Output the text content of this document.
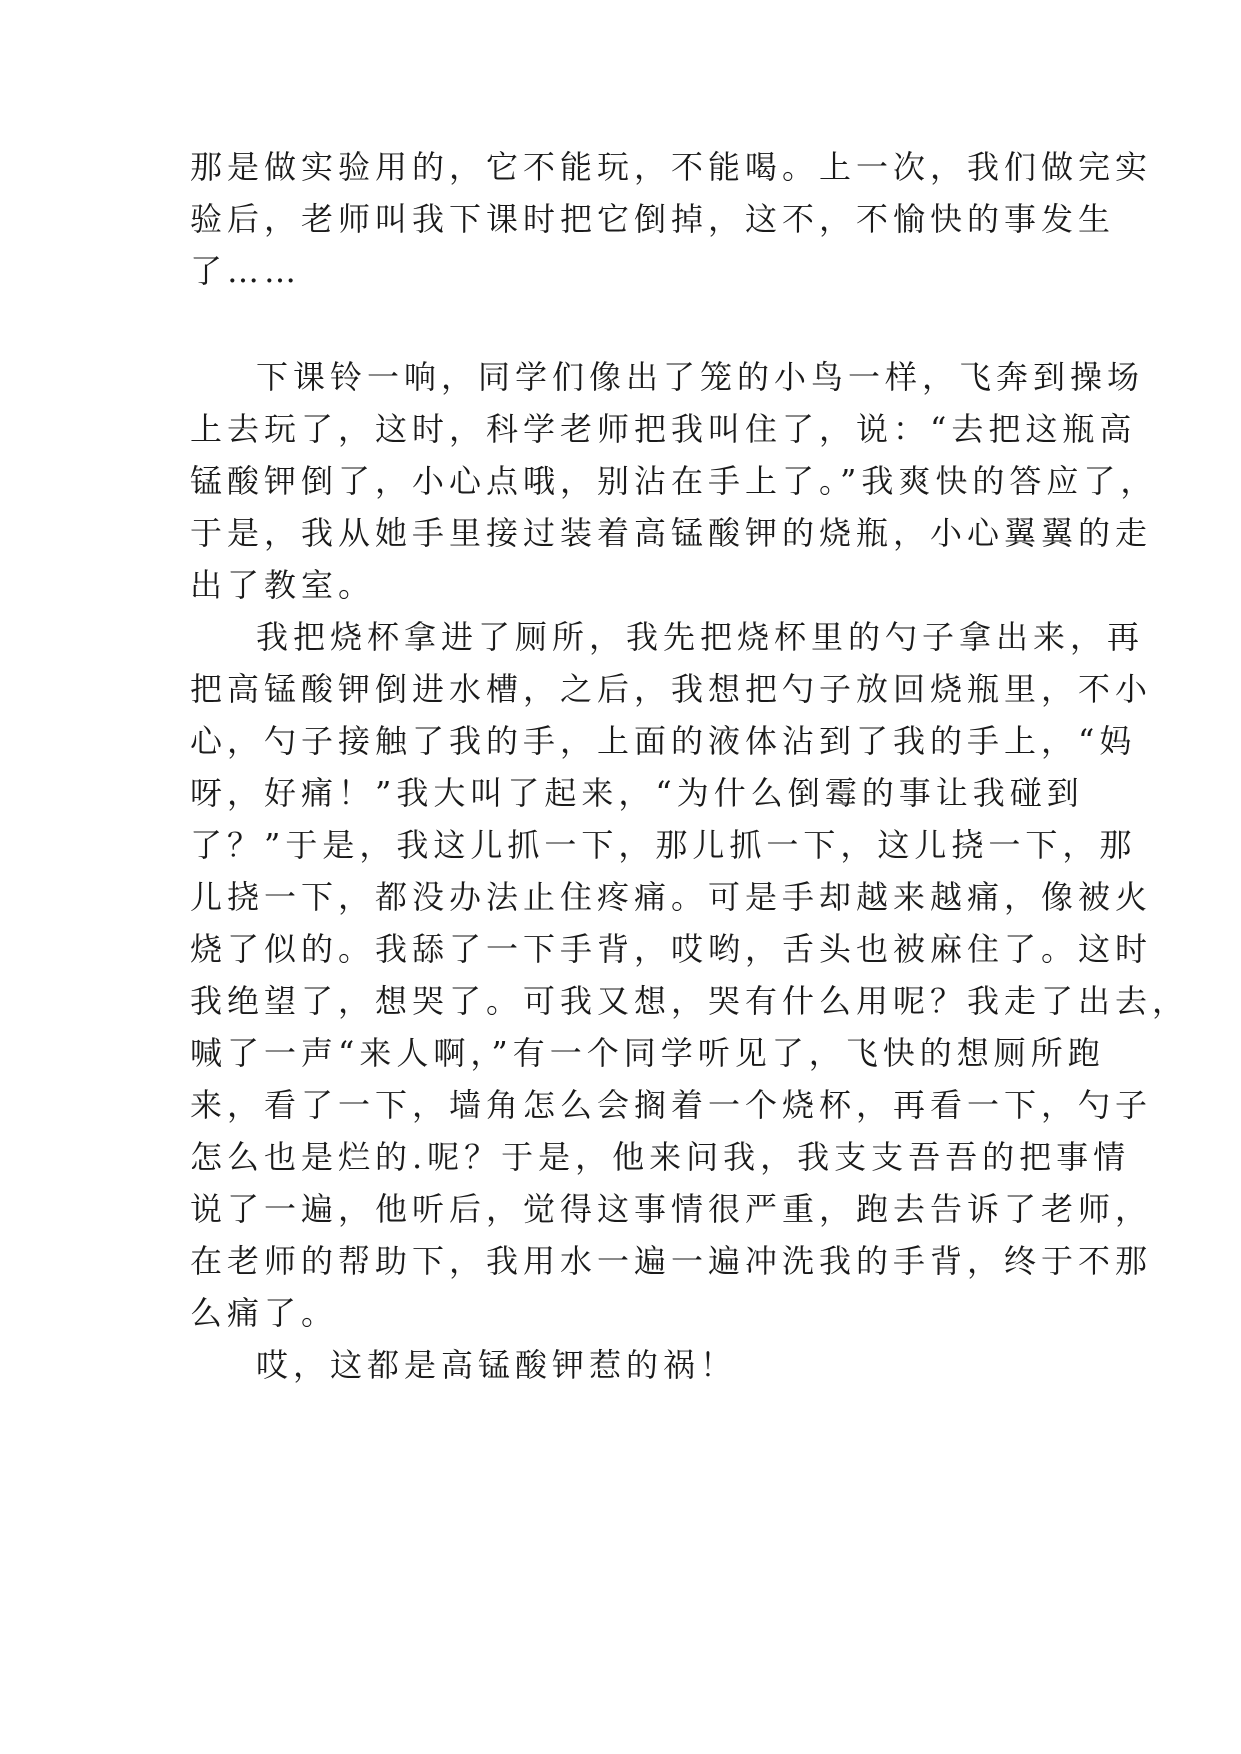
那是做实验用的，它不能玩，不能喝。上一次，我们做完实
验后，老师叫我下课时把它倒掉，这不，不愉快的事发生
了……
下课铃一响，同学们像出了笼的小鸟一样，飞奔到操场
上去玩了，这时，科学老师把我叫住了，说：“去把这瓶高
锰酸钾倒了，小心点哦，别沾在手上了。”我爽快的答应了，
于是，我从她手里接过装着高锰酸钾的烧瓶，小心翼翼的走
出了教室。
我把烧杯拿进了厕所，我先把烧杯里的勺子拿出来，再
把高锰酸钾倒进水槽，之后，我想把勺子放回烧瓶里，不小
心，勺子接触了我的手，上面的液体沾到了我的手上，“妈
呀，好痛！”我大叫了起来，“为什么倒霉的事让我碰到
了？”于是，我这儿抓一下，那儿抓一下，这儿挠一下，那
儿挠一下，都没办法止住疼痛。可是手却越来越痛，像被火
烧了似的。我舔了一下手背，哎哟，舌头也被麻住了。这时
我绝望了，想哭了。可我又想，哭有什么用呢？我走了出去，
喊了一声“来人啊，”有一个同学听见了，飞快的想厕所跑
来，看了一下，墙角怎么会搁着一个烧杯，再看一下，勺子
怎么也是烂的.呢？于是，他来问我，我支支吾吾的把事情
说了一遍，他听后，觉得这事情很严重，跑去告诉了老师，
在老师的帮助下，我用水一遍一遍冲洗我的手背，终于不那
么痛了。
哎，这都是高锰酸钾惹的祸！
